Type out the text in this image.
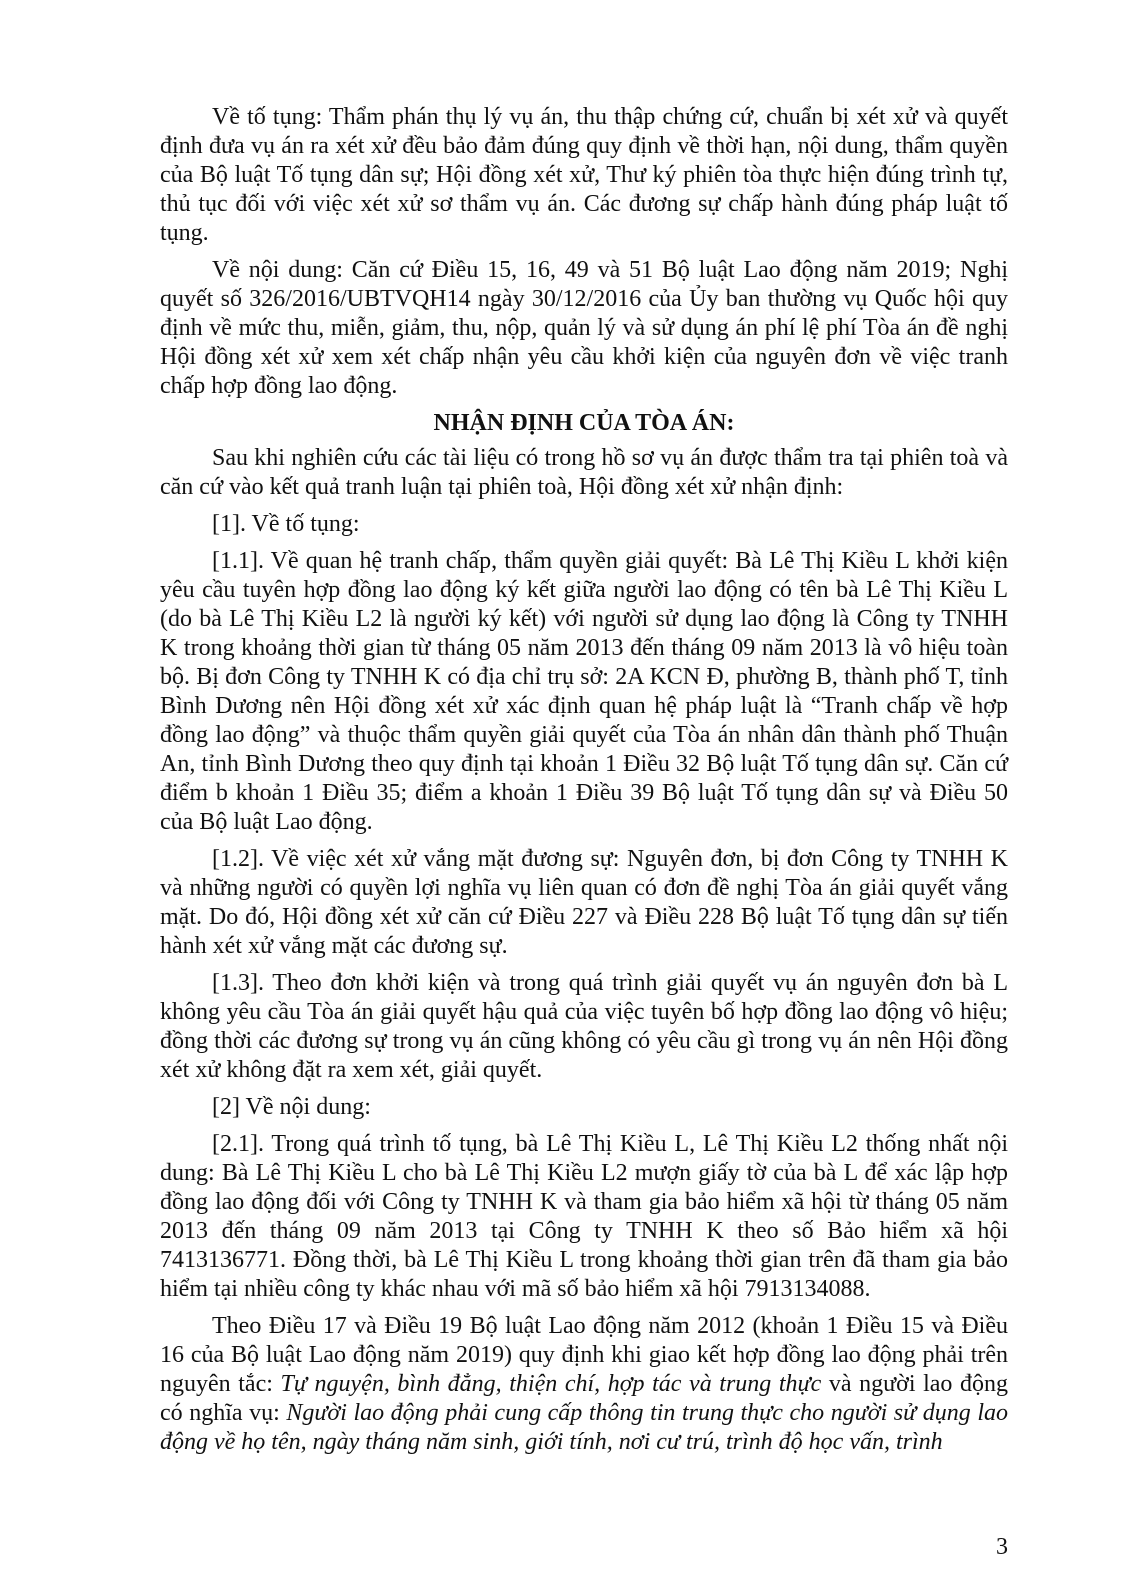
Về tố tụng: Thẩm phán thụ lý vụ án, thu thập chứng cứ, chuẩn bị xét xử và quyết định đưa vụ án ra xét xử đều bảo đảm đúng quy định về thời hạn, nội dung, thẩm quyền của Bộ luật Tố tụng dân sự; Hội đồng xét xử, Thư ký phiên tòa thực hiện đúng trình tự, thủ tục đối với việc xét xử sơ thẩm vụ án. Các đương sự chấp hành đúng pháp luật tố tụng.

Về nội dung: Căn cứ Điều 15, 16, 49 và 51 Bộ luật Lao động năm 2019; Nghị quyết số 326/2016/UBTVQH14 ngày 30/12/2016 của Ủy ban thường vụ Quốc hội quy định về mức thu, miễn, giảm, thu, nộp, quản lý và sử dụng án phí lệ phí Tòa án đề nghị Hội đồng xét xử xem xét chấp nhận yêu cầu khởi kiện của nguyên đơn về việc tranh chấp hợp đồng lao động.

NHẬN ĐỊNH CỦA TÒA ÁN:

Sau khi nghiên cứu các tài liệu có trong hồ sơ vụ án được thẩm tra tại phiên toà và căn cứ vào kết quả tranh luận tại phiên toà, Hội đồng xét xử nhận định:

[1]. Về tố tụng:

[1.1]. Về quan hệ tranh chấp, thẩm quyền giải quyết: Bà Lê Thị Kiều L khởi kiện yêu cầu tuyên hợp đồng lao động ký kết giữa người lao động có tên bà Lê Thị Kiều L (do bà Lê Thị Kiều L2 là người ký kết) với người sử dụng lao động là Công ty TNHH K trong khoảng thời gian từ tháng 05 năm 2013 đến tháng 09 năm 2013 là vô hiệu toàn bộ. Bị đơn Công ty TNHH K có địa chỉ trụ sở: 2A KCN Đ, phường B, thành phố T, tỉnh Bình Dương nên Hội đồng xét xử xác định quan hệ pháp luật là “Tranh chấp về hợp đồng lao động” và thuộc thẩm quyền giải quyết của Tòa án nhân dân thành phố Thuận An, tỉnh Bình Dương theo quy định tại khoản 1 Điều 32 Bộ luật Tố tụng dân sự. Căn cứ điểm b khoản 1 Điều 35; điểm a khoản 1 Điều 39 Bộ luật Tố tụng dân sự và Điều 50 của Bộ luật Lao động.

[1.2]. Về việc xét xử vắng mặt đương sự: Nguyên đơn, bị đơn Công ty TNHH K và những người có quyền lợi nghĩa vụ liên quan có đơn đề nghị Tòa án giải quyết vắng mặt. Do đó, Hội đồng xét xử căn cứ Điều 227 và Điều 228 Bộ luật Tố tụng dân sự tiến hành xét xử vắng mặt các đương sự.

[1.3]. Theo đơn khởi kiện và trong quá trình giải quyết vụ án nguyên đơn bà L không yêu cầu Tòa án giải quyết hậu quả của việc tuyên bố hợp đồng lao động vô hiệu; đồng thời các đương sự trong vụ án cũng không có yêu cầu gì trong vụ án nên Hội đồng xét xử không đặt ra xem xét, giải quyết.

[2] Về nội dung:

[2.1]. Trong quá trình tố tụng, bà Lê Thị Kiều L, Lê Thị Kiều L2 thống nhất nội dung: Bà Lê Thị Kiều L cho bà Lê Thị Kiều L2 mượn giấy tờ của bà L để xác lập hợp đồng lao động đối với Công ty TNHH K và tham gia bảo hiểm xã hội từ tháng 05 năm 2013 đến tháng 09 năm 2013 tại Công ty TNHH K theo số Bảo hiểm xã hội 7413136771. Đồng thời, bà Lê Thị Kiều L trong khoảng thời gian trên đã tham gia bảo hiểm tại nhiều công ty khác nhau với mã số bảo hiểm xã hội 7913134088.

Theo Điều 17 và Điều 19 Bộ luật Lao động năm 2012 (khoản 1 Điều 15 và Điều 16 của Bộ luật Lao động năm 2019) quy định khi giao kết hợp đồng lao động phải trên nguyên tắc: Tự nguyện, bình đẳng, thiện chí, hợp tác và trung thực và người lao động có nghĩa vụ: Người lao động phải cung cấp thông tin trung thực cho người sử dụng lao động về họ tên, ngày tháng năm sinh, giới tính, nơi cư trú, trình độ học vấn, trình

3
